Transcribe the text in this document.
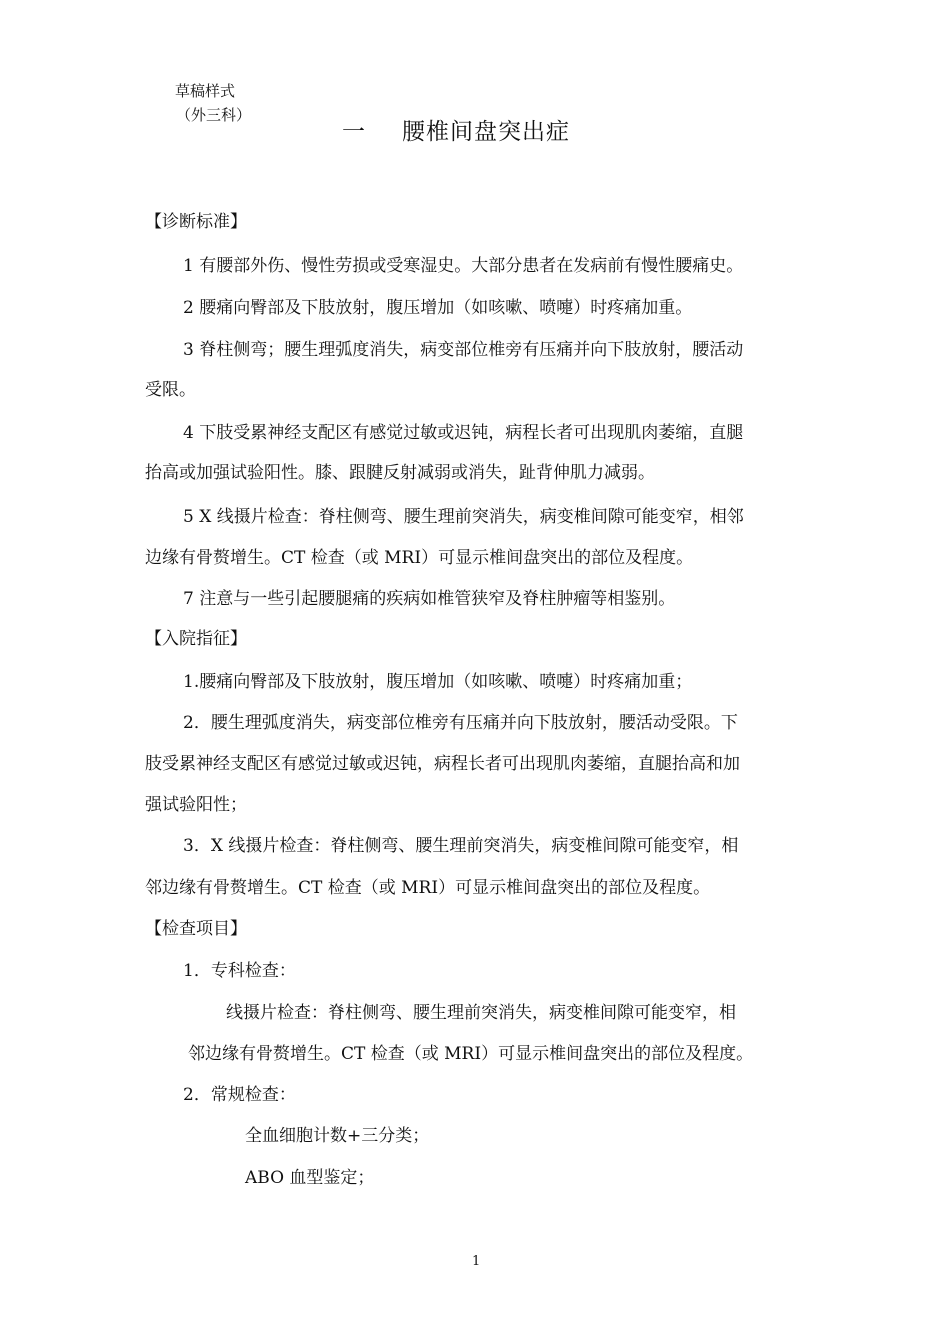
草稿样式
（外三科）
一 腰椎间盘突出症
【诊断标准】
1 有腰部外伤、慢性劳损或受寒湿史。大部分患者在发病前有慢性腰痛史。
2 腰痛向臀部及下肢放射，腹压增加（如咳嗽、喷嚏）时疼痛加重。
3 脊柱侧弯；腰生理弧度消失，病变部位椎旁有压痛并向下肢放射，腰活动
受限。
4 下肢受累神经支配区有感觉过敏或迟钝，病程长者可出现肌肉萎缩，直腿
抬高或加强试验阳性。膝、跟腱反射减弱或消失，趾背伸肌力减弱。
5 X 线摄片检查：脊柱侧弯、腰生理前突消失，病变椎间隙可能变窄，相邻
边缘有骨赘增生。CT 检查（或 MRI）可显示椎间盘突出的部位及程度。
7 注意与一些引起腰腿痛的疾病如椎管狭窄及脊柱肿瘤等相鉴别。
【入院指征】
1.腰痛向臀部及下肢放射，腹压增加（如咳嗽、喷嚏）时疼痛加重；
2．腰生理弧度消失，病变部位椎旁有压痛并向下肢放射，腰活动受限。下
肢受累神经支配区有感觉过敏或迟钝，病程长者可出现肌肉萎缩，直腿抬高和加
强试验阳性；
3．X 线摄片检查：脊柱侧弯、腰生理前突消失，病变椎间隙可能变窄，相
邻边缘有骨赘增生。CT 检查（或 MRI）可显示椎间盘突出的部位及程度。
【检查项目】
1．专科检查：
线摄片检查：脊柱侧弯、腰生理前突消失，病变椎间隙可能变窄，相
邻边缘有骨赘增生。CT 检查（或 MRI）可显示椎间盘突出的部位及程度。
2．常规检查：
全血细胞计数+三分类；
ABO 血型鉴定；
1
